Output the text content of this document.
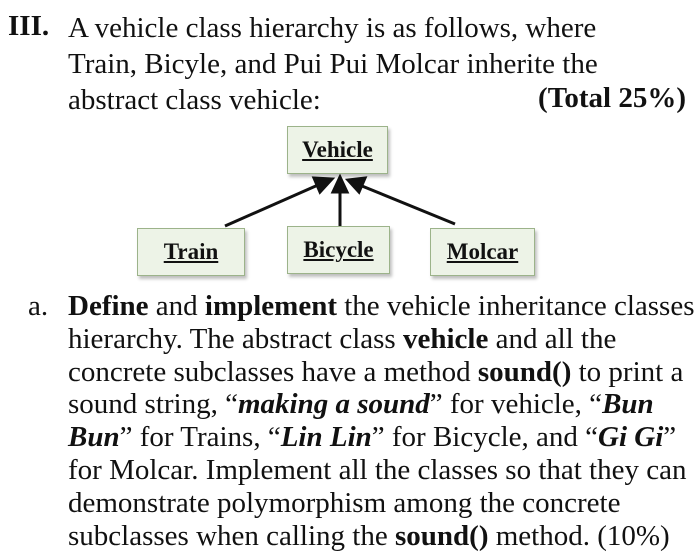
III. A vehicle class hierarchy is as follows, where
Train, Bicyle, and Pui Pui Molcar inherite the
abstract class vehicle:	(Total 25%)
Vehicle
Train	Bicycle	Molcar
a. Define and implement the vehicle inheritance classes
hierarchy. The abstract class vehicle and all the
concrete subclasses have a method sound() to print a
sound string, “making a sound” for vehicle, “Bun
Bun” for Trains, “Lin Lin” for Bicycle, and “Gi Gi”
for Molcar. Implement all the classes so that they can
demonstrate polymorphism among the concrete
subclasses when calling the sound() method. (10%)
